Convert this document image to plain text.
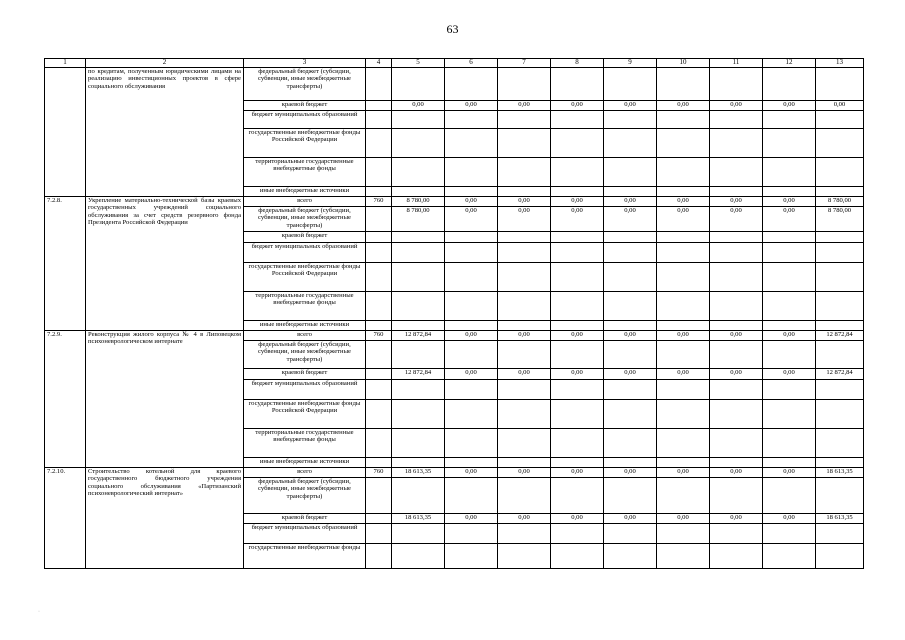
63
1	2	3	4	5	6	7	8	9	10	11	12	13
	по кредитам, полученным юридическими лицами на реализацию инвестиционных проектов в сфере социального обслуживания	федеральный бюджет (субсидии, субвенции, иные межбюджетные трансферты)										
		краевой бюджет		0,00	0,00	0,00	0,00	0,00	0,00	0,00	0,00	0,00
		бюджет муниципальных образований										
		государственные внебюджетные фонды Российской Федерации										
		территориальные государственные внебюджетные фонды										
		иные внебюджетные источники										
7.2.8.	Укрепление материально-технической базы краевых государственных учреждений социального обслуживания за счет средств резервного фонда Президента Российской Федерации	всего	760	8 780,00	0,00	0,00	0,00	0,00	0,00	0,00	0,00	8 780,00
		федеральный бюджет (субсидии, субвенции, иные межбюджетные трансферты)		8 780,00	0,00	0,00	0,00	0,00	0,00	0,00	0,00	8 780,00
		краевой бюджет										
		бюджет муниципальных образований										
		государственные внебюджетные фонды Российской Федерации										
		территориальные государственные внебюджетные фонды										
		иные внебюджетные источники										
7.2.9.	Реконструкция жилого корпуса № 4 в Липовецком психоневрологическом интернате	всего	760	12 872,84	0,00	0,00	0,00	0,00	0,00	0,00	0,00	12 872,84
		федеральный бюджет (субсидии, субвенции, иные межбюджетные трансферты)										
		краевой бюджет		12 872,84	0,00	0,00	0,00	0,00	0,00	0,00	0,00	12 872,84
		бюджет муниципальных образований										
		государственные внебюджетные фонды Российской Федерации										
		территориальные государственные внебюджетные фонды										
		иные внебюджетные источники										
7.2.10.	Строительство котельной для краевого государственного бюджетного учреждения социального обслуживания «Партизанский психоневрологический интернат»	всего	760	18 613,35	0,00	0,00	0,00	0,00	0,00	0,00	0,00	18 613,35
		федеральный бюджет (субсидии, субвенции, иные межбюджетные трансферты)										
		краевой бюджет		18 613,35	0,00	0,00	0,00	0,00	0,00	0,00	0,00	18 613,35
		бюджет муниципальных образований										
		государственные внебюджетные фонды										
·
